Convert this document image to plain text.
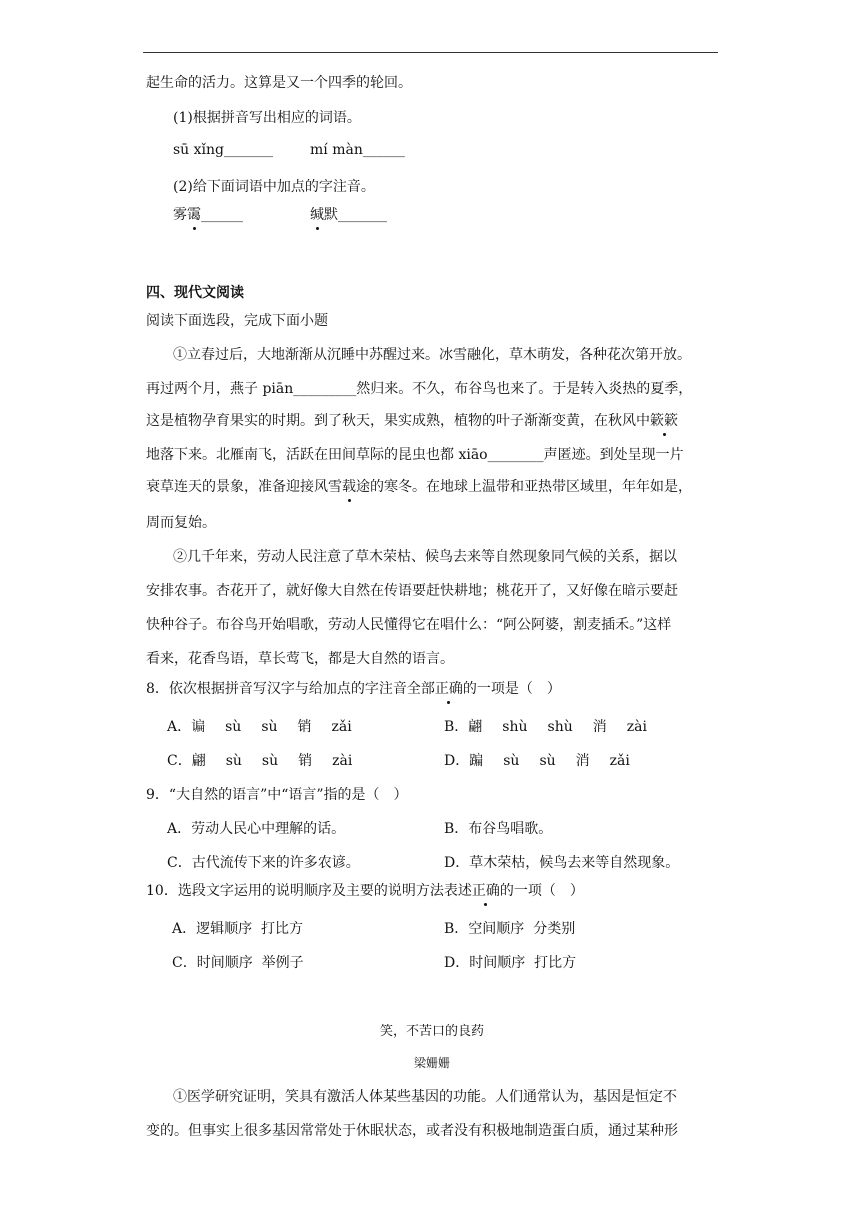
起生命的活力。这算是又一个四季的轮回。
(1)根据拼音写出相应的词语。
sū xǐng_______	mí màn______
(2)给下面词语中加点的字注音。
雾霭______	缄默_______
四、现代文阅读
阅读下面选段，完成下面小题
①立春过后，大地渐渐从沉睡中苏醒过来。冰雪融化，草木萌发，各种花次第开放。
再过两个月，燕子 piān_________然归来。不久，布谷鸟也来了。于是转入炎热的夏季，
这是植物孕育果实的时期。到了秋天，果实成熟，植物的叶子渐渐变黄，在秋风中簌簌
地落下来。北雁南飞，活跃在田间草际的昆虫也都 xiāo________声匿迹。到处呈现一片
衰草连天的景象，准备迎接风雪载途的寒冬。在地球上温带和亚热带区域里，年年如是，
周而复始。
②几千年来，劳动人民注意了草木荣枯、候鸟去来等自然现象同气候的关系，据以
安排农事。杏花开了，就好像大自然在传语要赶快耕地；桃花开了，又好像在暗示要赶
快种谷子。布谷鸟开始唱歌，劳动人民懂得它在唱什么：“阿公阿婆，割麦插禾。”这样
看来，花香鸟语，草长莺飞，都是大自然的语言。
8．依次根据拼音写汉字与给加点的字注音全部正确的一项是（　）
A．谝 sù sù 销 zǎi	B．翩 shù shù 消 zài
C．翩 sù sù 销 zài	D．蹁 sù sù 消 zǎi
9．“大自然的语言”中“语言”指的是（　）
A．劳动人民心中理解的话。	B．布谷鸟唱歌。
C．古代流传下来的许多农谚。	D．草木荣枯，候鸟去来等自然现象。
10．选段文字运用的说明顺序及主要的说明方法表述正确的一项（　）
A．逻辑顺序  打比方	B．空间顺序  分类别
C．时间顺序  举例子	D．时间顺序  打比方
笑，不苦口的良药
梁姗姗
①医学研究证明，笑具有激活人体某些基因的功能。人们通常认为，基因是恒定不
变的。但事实上很多基因常常处于休眠状态，或者没有积极地制造蛋白质，通过某种形
